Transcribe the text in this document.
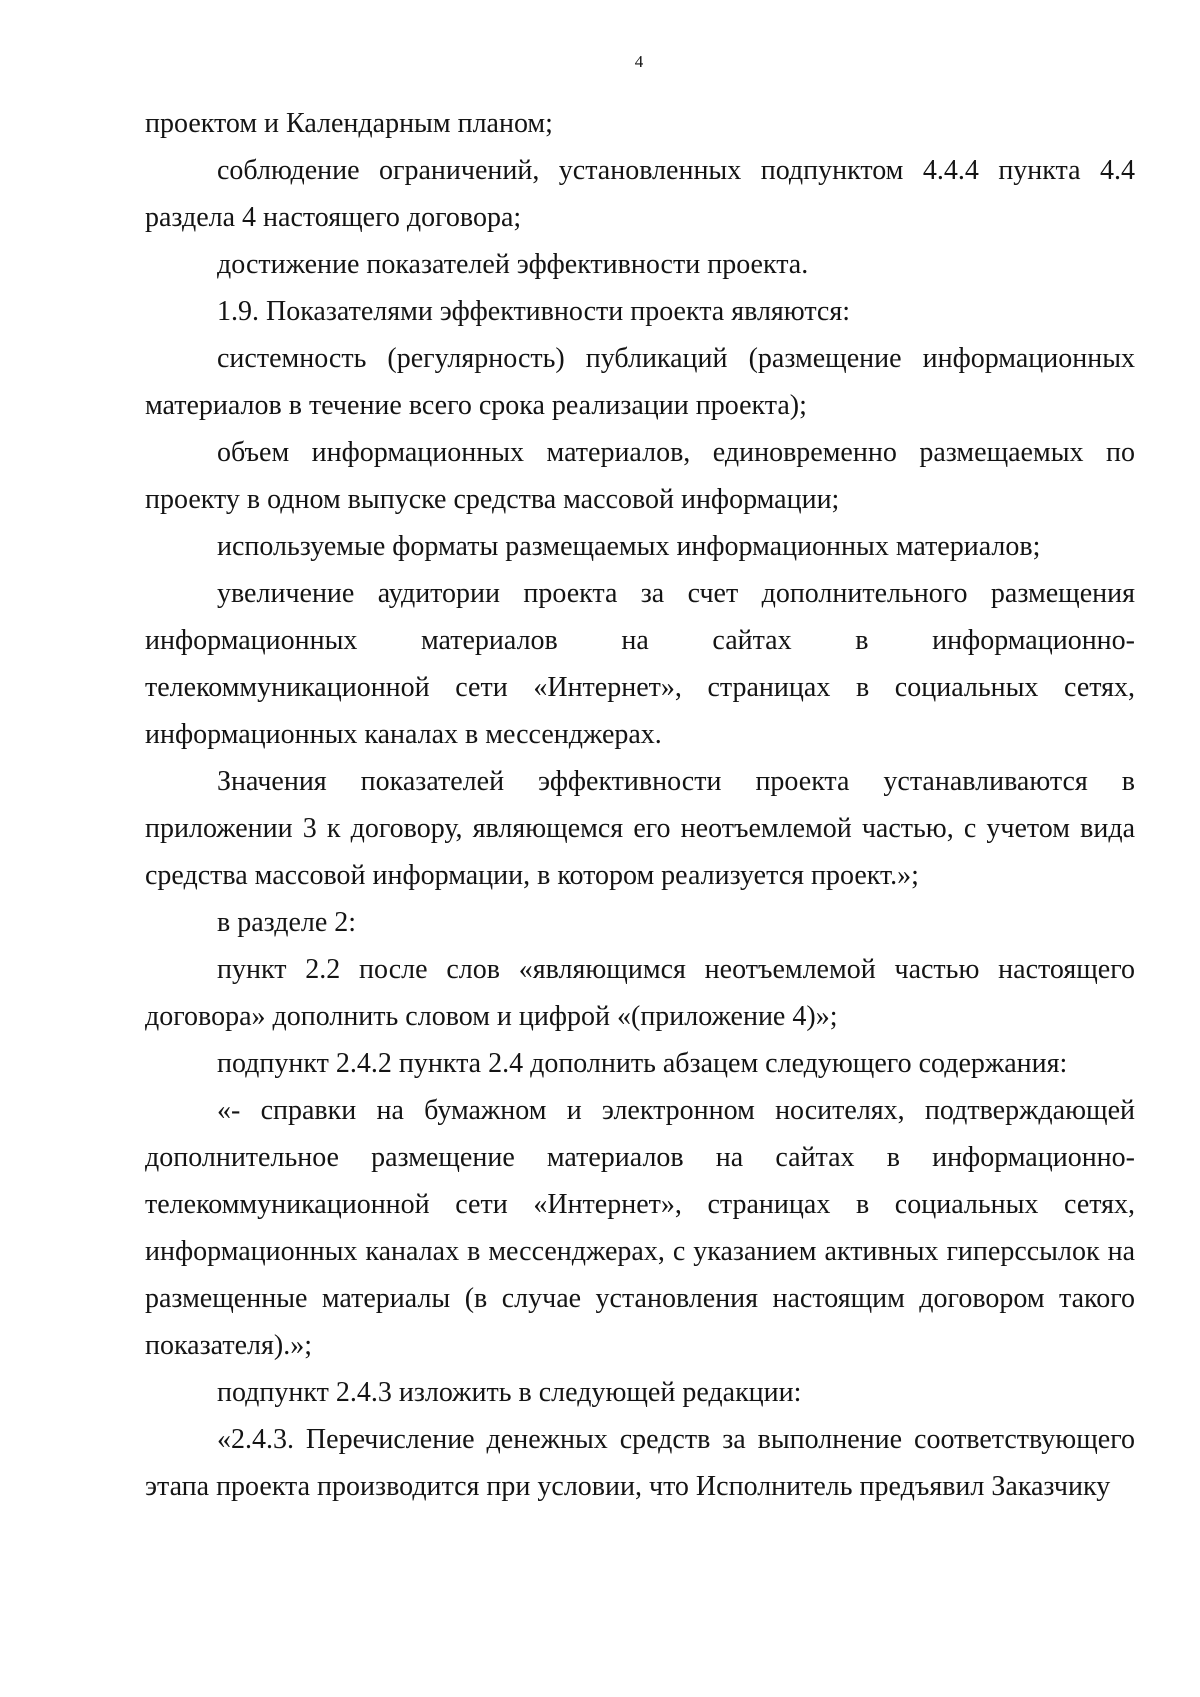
4

проектом и Календарным планом;

соблюдение ограничений, установленных подпунктом 4.4.4 пункта 4.4 раздела 4 настоящего договора;

достижение показателей эффективности проекта.

1.9. Показателями эффективности проекта являются:

системность (регулярность) публикаций (размещение информационных материалов в течение всего срока реализации проекта);

объем информационных материалов, единовременно размещаемых по проекту в одном выпуске средства массовой информации;

используемые форматы размещаемых информационных материалов;

увеличение аудитории проекта за счет дополнительного размещения информационных материалов на сайтах в информационно-телекоммуникационной сети «Интернет», страницах в социальных сетях, информационных каналах в мессенджерах.

Значения показателей эффективности проекта устанавливаются в приложении 3 к договору, являющемся его неотъемлемой частью, с учетом вида средства массовой информации, в котором реализуется проект.»;

в разделе 2:

пункт 2.2 после слов «являющимся неотъемлемой частью настоящего договора» дополнить словом и цифрой «(приложение 4)»;

подпункт 2.4.2 пункта 2.4 дополнить абзацем следующего содержания:

«- справки на бумажном и электронном носителях, подтверждающей дополнительное размещение материалов на сайтах в информационно-телекоммуникационной сети «Интернет», страницах в социальных сетях, информационных каналах в мессенджерах, с указанием активных гиперссылок на размещенные материалы (в случае установления настоящим договором такого показателя).»;

подпункт 2.4.3 изложить в следующей редакции:

«2.4.3. Перечисление денежных средств за выполнение соответствующего этапа проекта производится при условии, что Исполнитель предъявил Заказчику
